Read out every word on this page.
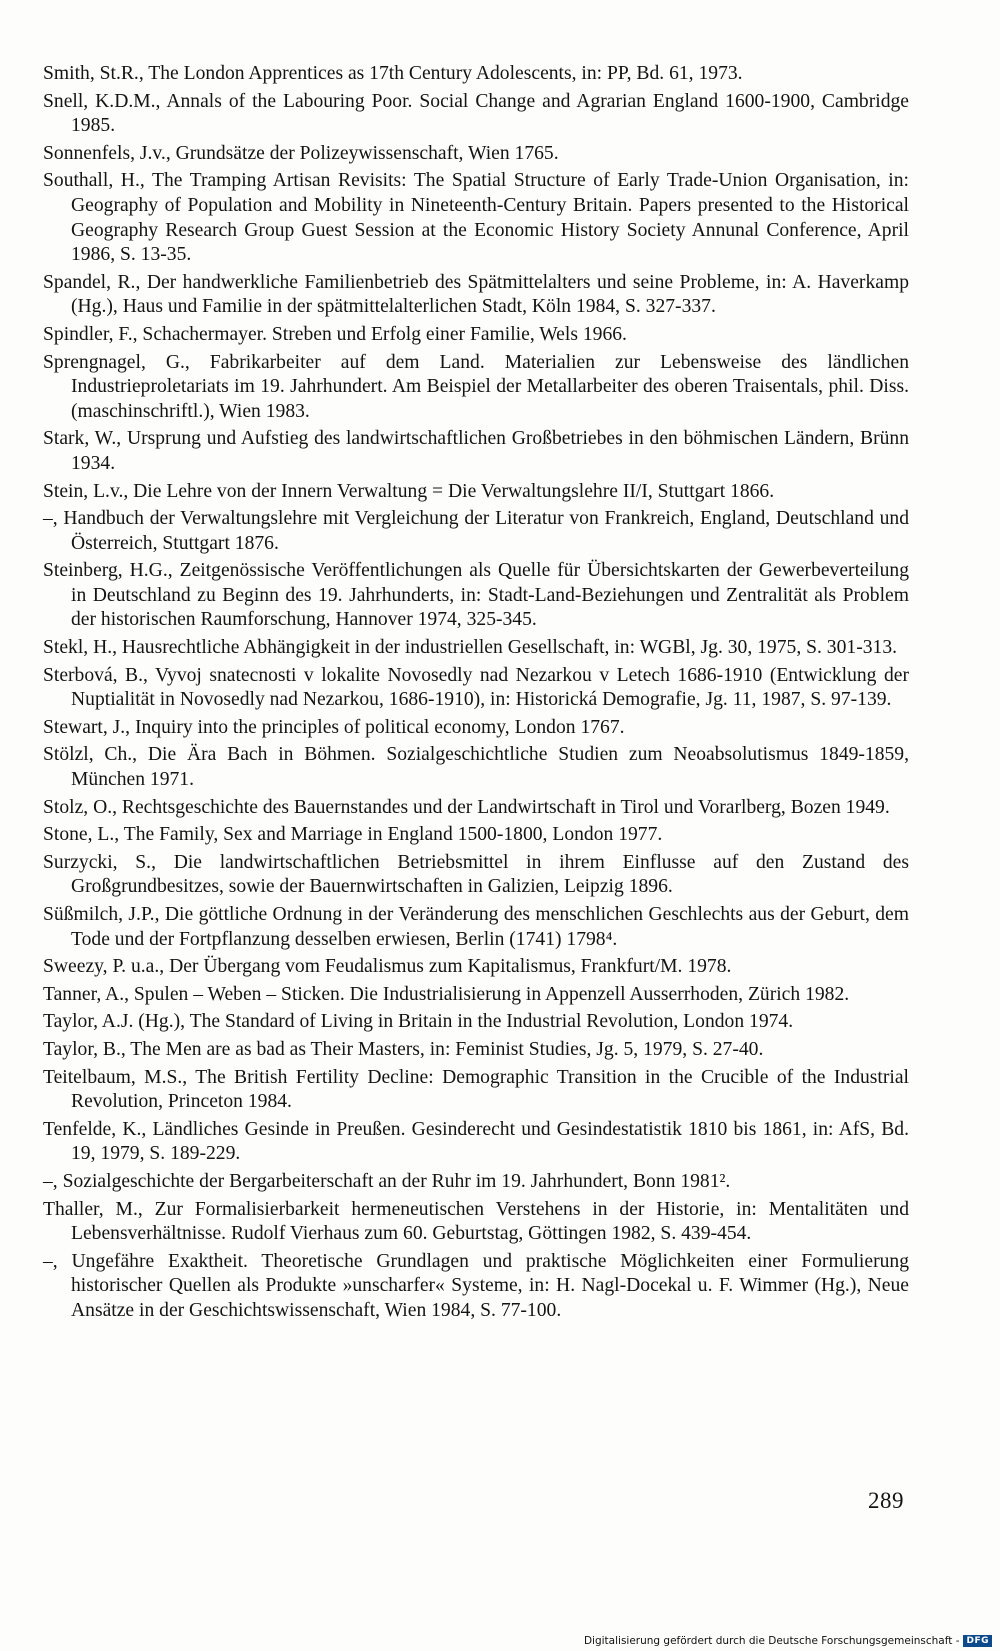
Smith, St.R., The London Apprentices as 17th Century Adolescents, in: PP, Bd. 61, 1973.
Snell, K.D.M., Annals of the Labouring Poor. Social Change and Agrarian England 1600-1900, Cambridge 1985.
Sonnenfels, J.v., Grundsätze der Polizeywissenschaft, Wien 1765.
Southall, H., The Tramping Artisan Revisits: The Spatial Structure of Early Trade-Union Organisation, in: Geography of Population and Mobility in Nineteenth-Century Britain. Papers presented to the Historical Geography Research Group Guest Session at the Economic History Society Annunal Conference, April 1986, S. 13-35.
Spandel, R., Der handwerkliche Familienbetrieb des Spätmittelalters und seine Probleme, in: A. Haverkamp (Hg.), Haus und Familie in der spätmittelalterlichen Stadt, Köln 1984, S. 327-337.
Spindler, F., Schachermayer. Streben und Erfolg einer Familie, Wels 1966.
Sprengnagel, G., Fabrikarbeiter auf dem Land. Materialien zur Lebensweise des ländlichen Industrieproletariats im 19. Jahrhundert. Am Beispiel der Metallarbeiter des oberen Traisentals, phil. Diss. (maschinschriftl.), Wien 1983.
Stark, W., Ursprung und Aufstieg des landwirtschaftlichen Großbetriebes in den böhmischen Ländern, Brünn 1934.
Stein, L.v., Die Lehre von der Innern Verwaltung = Die Verwaltungslehre II/I, Stuttgart 1866.
–, Handbuch der Verwaltungslehre mit Vergleichung der Literatur von Frankreich, England, Deutschland und Österreich, Stuttgart 1876.
Steinberg, H.G., Zeitgenössische Veröffentlichungen als Quelle für Übersichtskarten der Gewerbeverteilung in Deutschland zu Beginn des 19. Jahrhunderts, in: Stadt-Land-Beziehungen und Zentralität als Problem der historischen Raumforschung, Hannover 1974, 325-345.
Stekl, H., Hausrechtliche Abhängigkeit in der industriellen Gesellschaft, in: WGBl, Jg. 30, 1975, S. 301-313.
Sterbová, B., Vyvoj snatecnosti v lokalite Novosedly nad Nezarkou v Letech 1686-1910 (Entwicklung der Nuptialität in Novosedly nad Nezarkou, 1686-1910), in: Historická Demografie, Jg. 11, 1987, S. 97-139.
Stewart, J., Inquiry into the principles of political economy, London 1767.
Stölzl, Ch., Die Ära Bach in Böhmen. Sozialgeschichtliche Studien zum Neoabsolutismus 1849-1859, München 1971.
Stolz, O., Rechtsgeschichte des Bauernstandes und der Landwirtschaft in Tirol und Vorarlberg, Bozen 1949.
Stone, L., The Family, Sex and Marriage in England 1500-1800, London 1977.
Surzycki, S., Die landwirtschaftlichen Betriebsmittel in ihrem Einflusse auf den Zustand des Großgrundbesitzes, sowie der Bauernwirtschaften in Galizien, Leipzig 1896.
Süßmilch, J.P., Die göttliche Ordnung in der Veränderung des menschlichen Geschlechts aus der Geburt, dem Tode und der Fortpflanzung desselben erwiesen, Berlin (1741) 1798⁴.
Sweezy, P. u.a., Der Übergang vom Feudalismus zum Kapitalismus, Frankfurt/M. 1978.
Tanner, A., Spulen – Weben – Sticken. Die Industrialisierung in Appenzell Ausserrhoden, Zürich 1982.
Taylor, A.J. (Hg.), The Standard of Living in Britain in the Industrial Revolution, London 1974.
Taylor, B., The Men are as bad as Their Masters, in: Feminist Studies, Jg. 5, 1979, S. 27-40.
Teitelbaum, M.S., The British Fertility Decline: Demographic Transition in the Crucible of the Industrial Revolution, Princeton 1984.
Tenfelde, K., Ländliches Gesinde in Preußen. Gesinderecht und Gesindestatistik 1810 bis 1861, in: AfS, Bd. 19, 1979, S. 189-229.
–, Sozialgeschichte der Bergarbeiterschaft an der Ruhr im 19. Jahrhundert, Bonn 1981².
Thaller, M., Zur Formalisierbarkeit hermeneutischen Verstehens in der Historie, in: Mentalitäten und Lebensverhältnisse. Rudolf Vierhaus zum 60. Geburtstag, Göttingen 1982, S. 439-454.
–, Ungefähre Exaktheit. Theoretische Grundlagen und praktische Möglichkeiten einer Formulierung historischer Quellen als Produkte »unscharfer« Systeme, in: H. Nagl-Docekal u. F. Wimmer (Hg.), Neue Ansätze in der Geschichtswissenschaft, Wien 1984, S. 77-100.
289
Digitalisierung gefördert durch die Deutsche Forschungsgemeinschaft - DFG
